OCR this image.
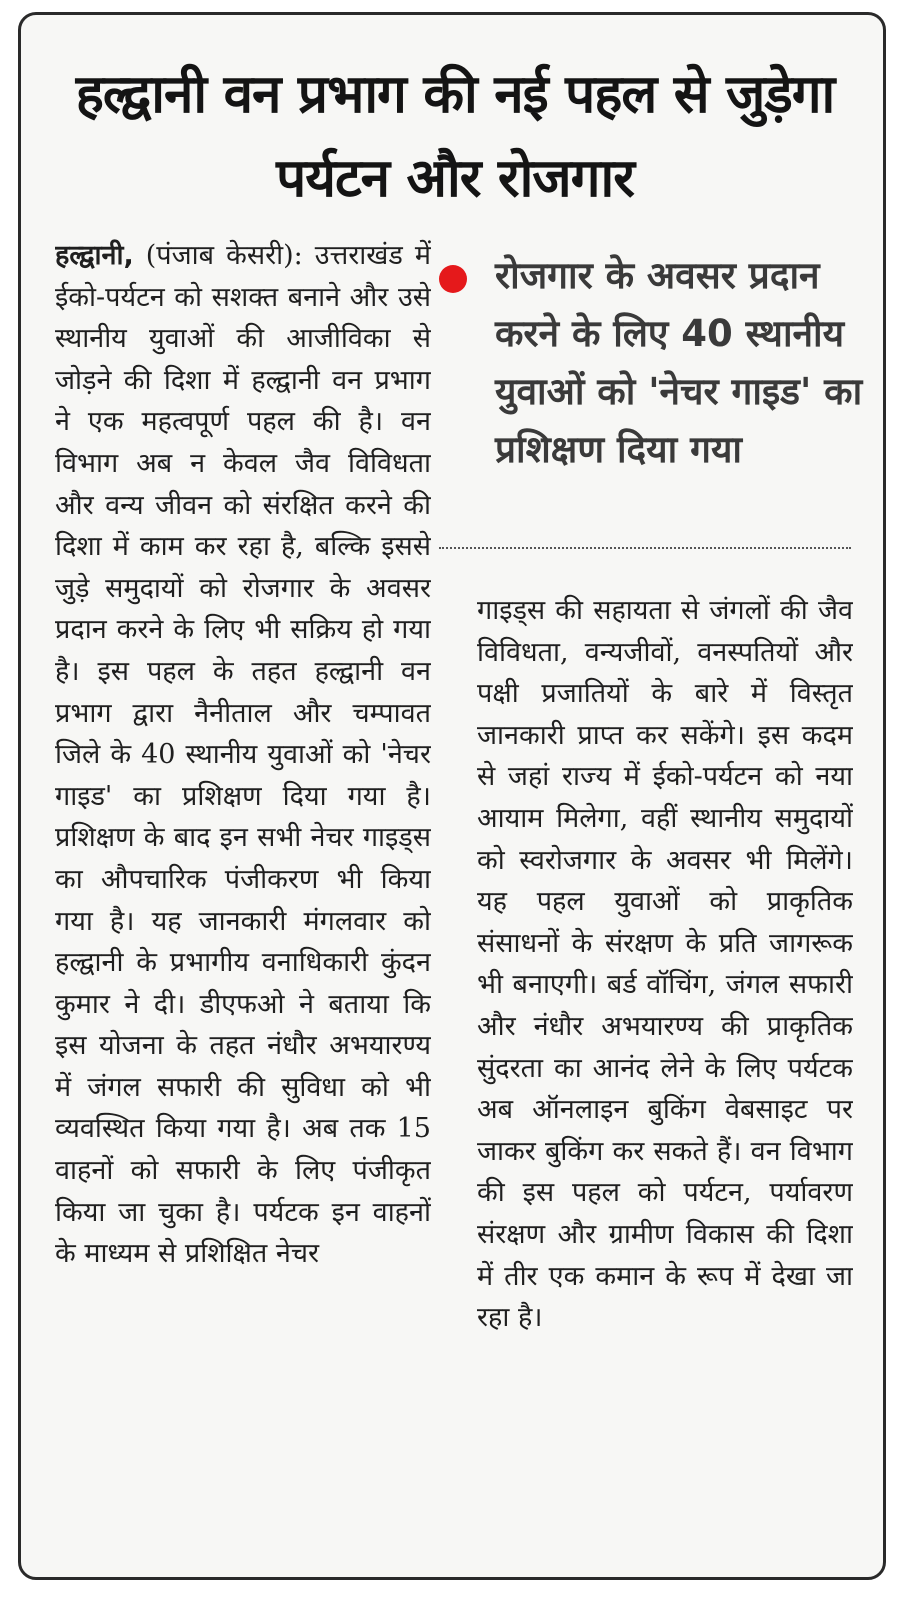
हल्द्वानी वन प्रभाग की नई पहल से जुड़ेगा पर्यटन और रोजगार
हल्द्वानी, (पंजाब केसरी): उत्तराखंड में ईको-पर्यटन को सशक्त बनाने और उसे स्थानीय युवाओं की आजीविका से जोड़ने की दिशा में हल्द्वानी वन प्रभाग ने एक महत्वपूर्ण पहल की है। वन विभाग अब न केवल जैव विविधता और वन्य जीवन को संरक्षित करने की दिशा में काम कर रहा है, बल्कि इससे जुड़े समुदायों को रोजगार के अवसर प्रदान करने के लिए भी सक्रिय हो गया है। इस पहल के तहत हल्द्वानी वन प्रभाग द्वारा नैनीताल और चम्पावत जिले के 40 स्थानीय युवाओं को 'नेचर गाइड' का प्रशिक्षण दिया गया है। प्रशिक्षण के बाद इन सभी नेचर गाइड्स का औपचारिक पंजीकरण भी किया गया है। यह जानकारी मंगलवार को हल्द्वानी के प्रभागीय वनाधिकारी कुंदन कुमार ने दी। डीएफओ ने बताया कि इस योजना के तहत नंधौर अभयारण्य में जंगल सफारी की सुविधा को भी व्यवस्थित किया गया है। अब तक 15 वाहनों को सफारी के लिए पंजीकृत किया जा चुका है। पर्यटक इन वाहनों के माध्यम से प्रशिक्षित नेचर

रोजगार के अवसर प्रदान करने के लिए 40 स्थानीय युवाओं को 'नेचर गाइड' का प्रशिक्षण दिया गया

गाइड्स की सहायता से जंगलों की जैव विविधता, वन्यजीवों, वनस्पतियों और पक्षी प्रजातियों के बारे में विस्तृत जानकारी प्राप्त कर सकेंगे। इस कदम से जहां राज्य में ईको-पर्यटन को नया आयाम मिलेगा, वहीं स्थानीय समुदायों को स्वरोजगार के अवसर भी मिलेंगे। यह पहल युवाओं को प्राकृतिक संसाधनों के संरक्षण के प्रति जागरूक भी बनाएगी। बर्ड वॉचिंग, जंगल सफारी और नंधौर अभयारण्य की प्राकृतिक सुंदरता का आनंद लेने के लिए पर्यटक अब ऑनलाइन बुकिंग वेबसाइट पर जाकर बुकिंग कर सकते हैं। वन विभाग की इस पहल को पर्यटन, पर्यावरण संरक्षण और ग्रामीण विकास की दिशा में तीर एक कमान के रूप में देखा जा रहा है।
